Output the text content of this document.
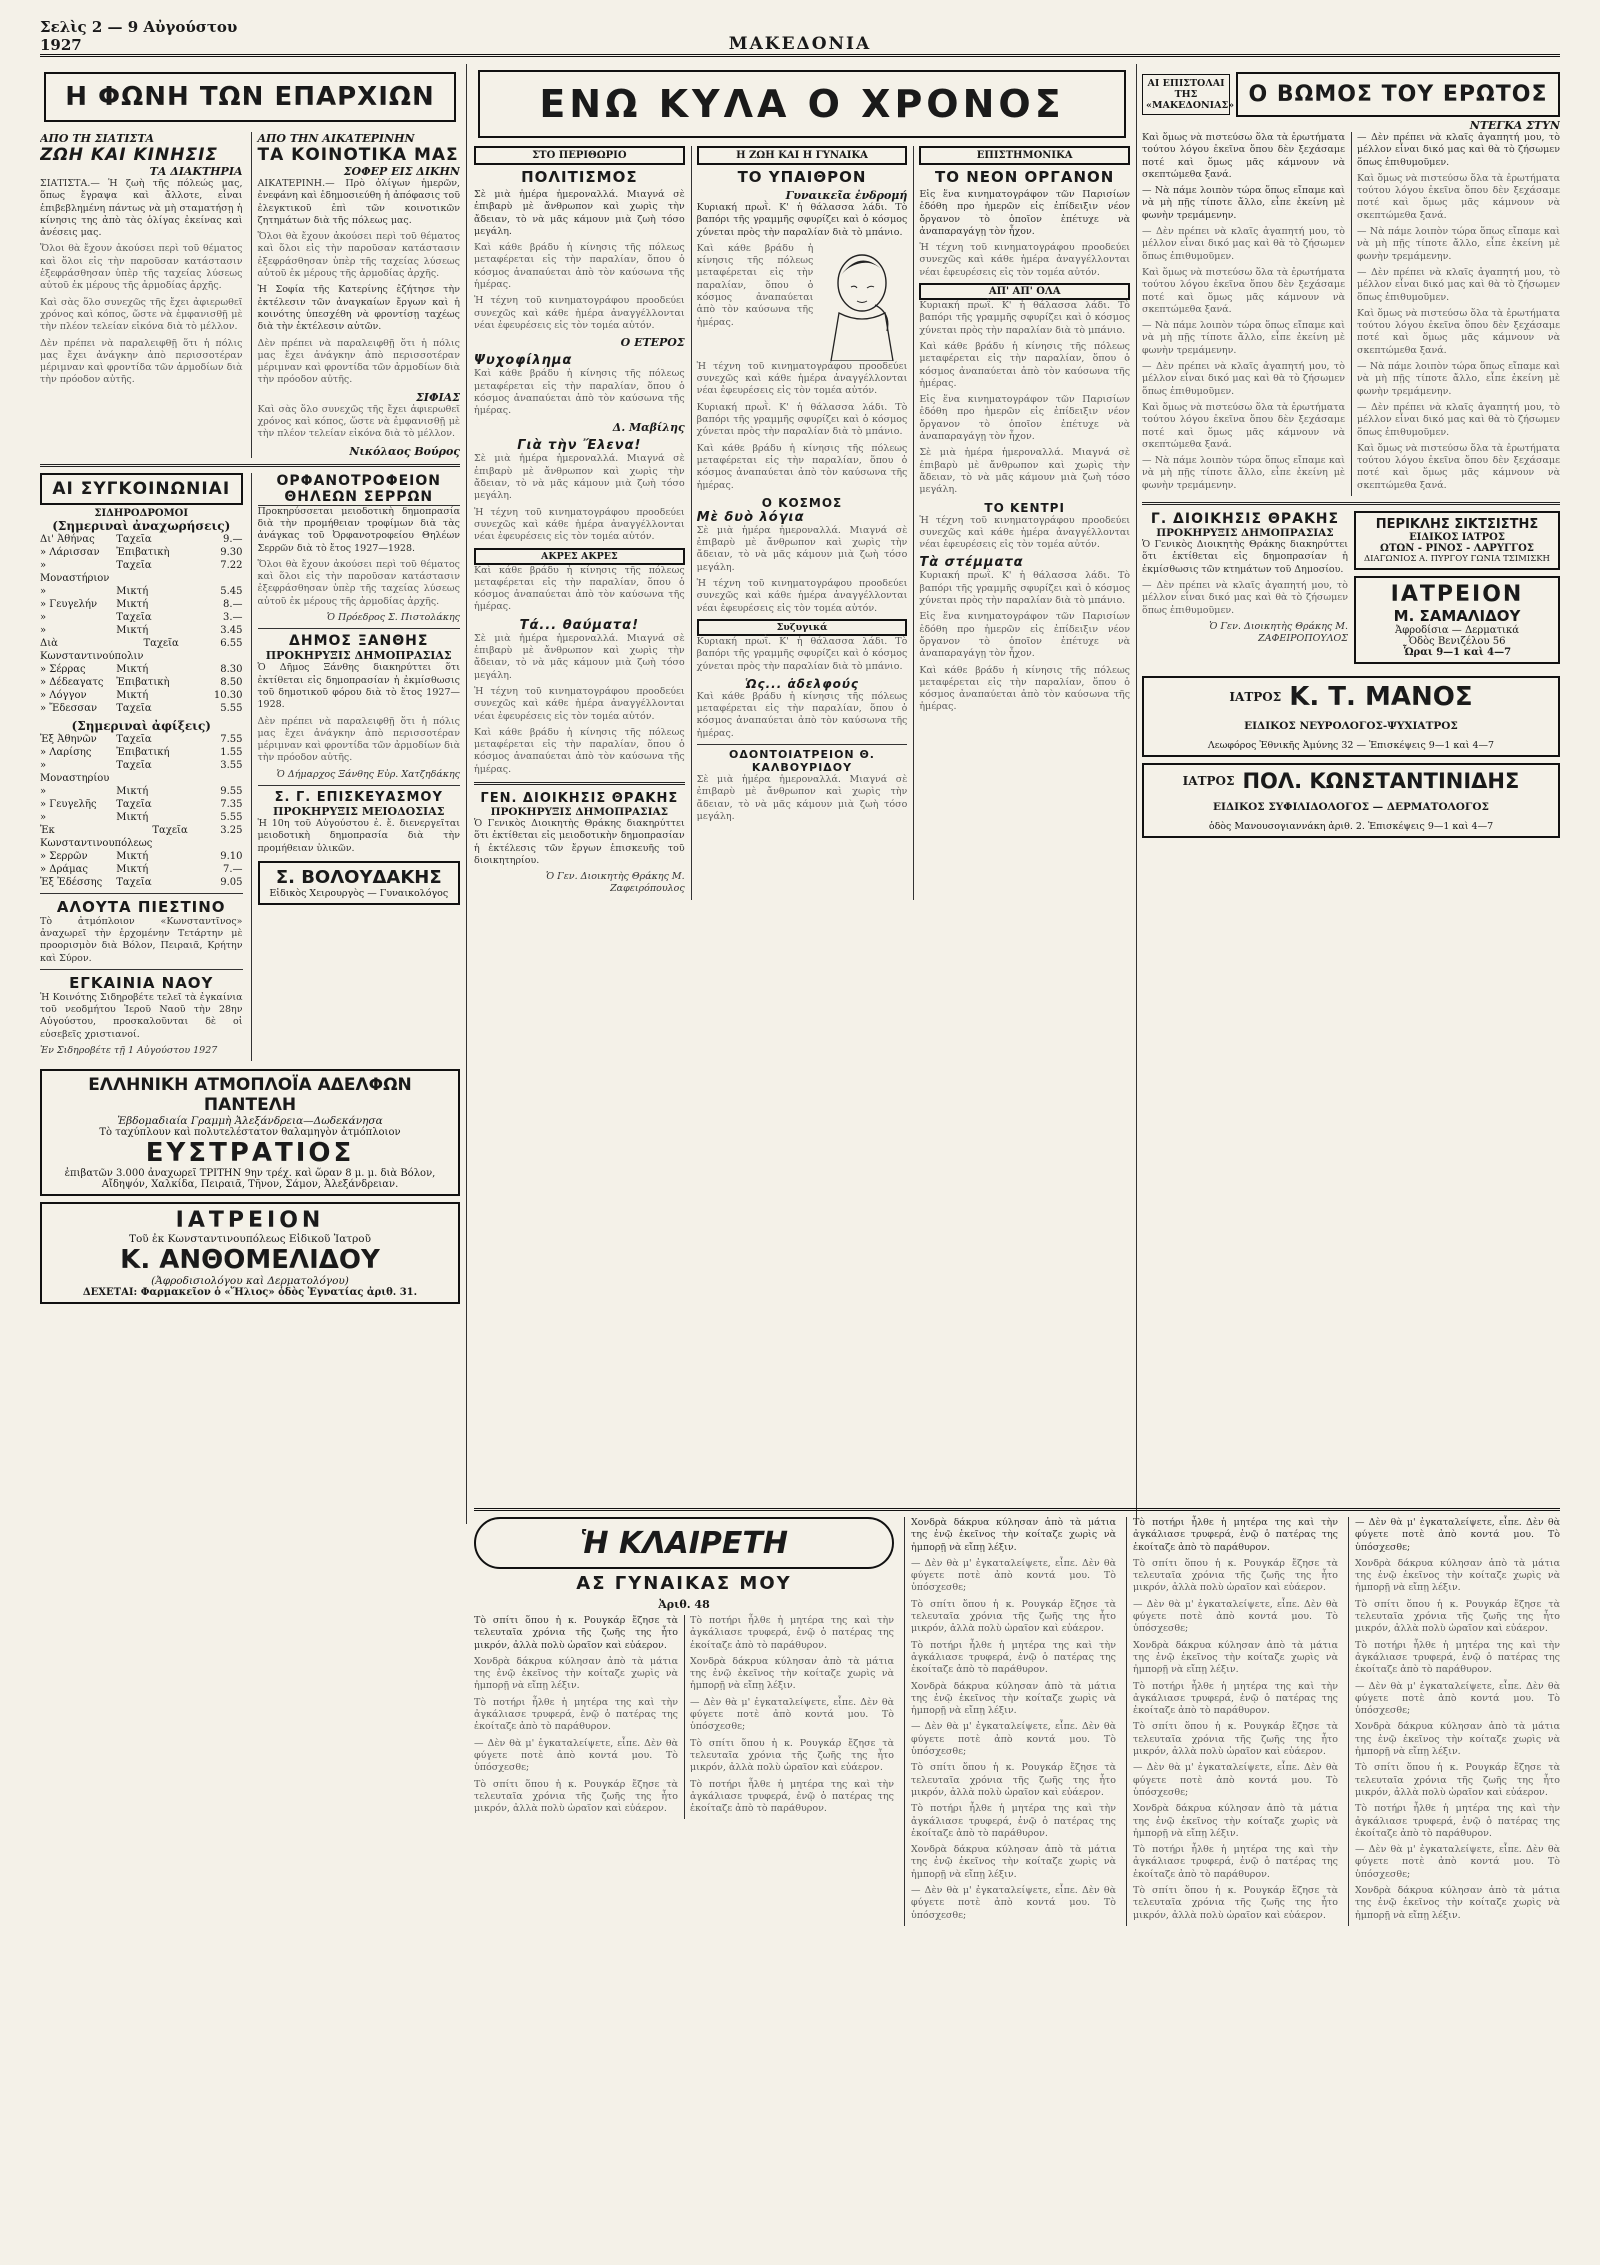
Σελὶς 2 — 9 Αὐγούστου 1927	ΜΑΚΕΔΟΝΙΑ
Η ΦΩΝΗ ΤΩΝ ΕΠΑΡΧΙΩΝ
ΑΠΟ ΤΗ ΣΙΑΤΙΣΤΑ
ΖΩΗ ΚΑΙ ΚΙΝΗΣΙΣ
ΤΑ ΔΙΑΚΤΗΡΙΑ

ΣΙΑΤΙΣΤΑ.— Ἡ ζωὴ τῆς πόλεώς μας, ὅπως ἔγραψα καὶ ἄλλοτε, εἶναι ἐπιβεβλημένη πάντως νὰ μὴ σταματήσῃ ἡ κίνησις της ἀπὸ τὰς ὁλίγας ἐκείνας καὶ ἀνέσεις μας.

Ὅλοι θὰ ἔχουν ἀκούσει περὶ τοῦ θέματος καὶ ὅλοι εἰς τὴν παροῦσαν κατάστασιν ἐξεφράσθησαν ὑπὲρ τῆς ταχείας λύσεως αὐτοῦ ἐκ μέρους τῆς ἀρμοδίας ἀρχῆς.

Καὶ σὰς ὅλο συνεχῶς τῆς ἔχει ἀφιερωθεῖ χρόνος καὶ κόπος, ὥστε νὰ ἐμφανισθῇ μὲ τὴν πλέον τελείαν εἰκόνα διὰ τὸ μέλλον.

Δὲν πρέπει νὰ παραλειφθῇ ὅτι ἡ πόλις μας ἔχει ἀνάγκην ἀπὸ περισσοτέραν μέριμναν καὶ φροντίδα τῶν ἀρμοδίων διὰ τὴν πρόοδον αὐτῆς.

ΑΠΟ ΤΗΝ ΑΙΚΑΤΕΡΙΝΗΝ
ΤΑ ΚΟΙΝΟΤΙΚΑ ΜΑΣ
ΣΟΦΕΡ ΕΙΣ ΔΙΚΗΝ

ΑΙΚΑΤΕΡΙΝΗ.— Πρὸ ὀλίγων ἡμερῶν, ἐνεφάνη καὶ ἐδημοσιεύθη ἡ ἀπόφασις τοῦ ἐλεγκτικοῦ ἐπὶ τῶν κοινοτικῶν ζητημάτων διὰ τῆς πόλεως μας.

Ὅλοι θὰ ἔχουν ἀκούσει περὶ τοῦ θέματος καὶ ὅλοι εἰς τὴν παροῦσαν κατάστασιν ἐξεφράσθησαν ὑπὲρ τῆς ταχείας λύσεως αὐτοῦ ἐκ μέρους τῆς ἀρμοδίας ἀρχῆς.

Ἡ Σοφία τῆς Κατερίνης ἐζήτησε τὴν ἐκτέλεσιν τῶν ἀναγκαίων ἔργων καὶ ἡ κοινότης ὑπεσχέθη νὰ φροντίσῃ ταχέως διὰ τὴν ἐκτέλεσιν αὐτῶν.

Δὲν πρέπει νὰ παραλειφθῇ ὅτι ἡ πόλις μας ἔχει ἀνάγκην ἀπὸ περισσοτέραν μέριμναν καὶ φροντίδα τῶν ἀρμοδίων διὰ τὴν πρόοδον αὐτῆς.

ΣΙΦΙΑΣ

Καὶ σὰς ὅλο συνεχῶς τῆς ἔχει ἀφιερωθεῖ χρόνος καὶ κόπος, ὥστε νὰ ἐμφανισθῇ μὲ τὴν πλέον τελείαν εἰκόνα διὰ τὸ μέλλον.

Νικόλαος Βούρος
ΑΙ ΣΥΓΚΟΙΝΩΝΙΑΙ
ΣΙΔΗΡΟΔΡΟΜΟΙ
(Σημεριναὶ ἀναχωρήσεις)
Δι' Ἀθήνας	Ταχεῖα	9.—
» Λάρισσαν	Ἐπιβατικὴ	9.30
» Μοναστήριον
Ταχεῖα	7.22
»	Μικτή	5.45
» Γευγελήν	Μικτή	8.—
»	Ταχεῖα	3.—
»	Μικτή	3.45
Διὰ Κωνσταντινούπολιν
Ταχεῖα	6.55
» Σέρρας	Μικτή	8.30
» Δέδεαγατς	Ἐπιβατικὴ	8.50
» Λόγγον	Μικτή	10.30
» Ἔδεσσαν	Ταχεῖα	5.55
(Σημεριναὶ ἀφίξεις)
Ἐξ Ἀθηνῶν	Ταχεῖα	7.55
» Λαρίσης	Ἐπιβατική	1.55
» Μοναστηρίου
Ταχεῖα	3.55
»	Μικτή	9.55
» Γευγελῆς	Ταχεῖα	7.35
»	Μικτή	5.55
Ἐκ Κωνσταντινουπόλεως
Ταχεῖα	3.25
» Σερρῶν	Μικτή	9.10
» Δράμας	Μικτή	7.—
Ἐξ Ἐδέσσης	Ταχεῖα	9.05
ΑΛΟΥΤΑ ΠΙΕΣΤΙΝΟ

Τὸ ἀτμόπλοιον «Κωνσταντῖνος» ἀναχωρεῖ τὴν ἐρχομένην Τετάρτην μὲ προορισμὸν διὰ Βόλον, Πειραιᾶ, Κρήτην καὶ Σύρον.

ΕΓΚΑΙΝΙΑ ΝΑΟΥ

Ἡ Κοινότης Σιδηροβέτε τελεῖ τὰ ἐγκαίνια τοῦ νεοδμήτου Ἱεροῦ Ναοῦ τὴν 28ην Αὐγούστου, προσκαλοῦνται δὲ οἱ εὐσεβεῖς χριστιανοί.

Ἐν Σιδηροβέτε τῇ 1 Αὐγούστου 1927

ΟΡΦΑΝΟΤΡΟΦΕΙΟΝ ΘΗΛΕΩΝ ΣΕΡΡΩΝ

Προκηρύσσεται μειοδοτικὴ δημοπρασία διὰ τὴν προμήθειαν τροφίμων διὰ τὰς ἀνάγκας τοῦ Ὀρφανοτροφείου Θηλέων Σερρῶν διὰ τὸ ἔτος 1927—1928.

Ὅλοι θὰ ἔχουν ἀκούσει περὶ τοῦ θέματος καὶ ὅλοι εἰς τὴν παροῦσαν κατάστασιν ἐξεφράσθησαν ὑπὲρ τῆς ταχείας λύσεως αὐτοῦ ἐκ μέρους τῆς ἀρμοδίας ἀρχῆς.

Ὁ Πρόεδρος Σ. Πιστολάκης

ΔΗΜΟΣ ΞΑΝΘΗΣ
ΠΡΟΚΗΡΥΞΙΣ ΔΗΜΟΠΡΑΣΙΑΣ

Ὁ Δῆμος Ξάνθης διακηρύττει ὅτι ἐκτίθεται εἰς δημοπρασίαν ἡ ἐκμίσθωσις τοῦ δημοτικοῦ φόρου διὰ τὸ ἔτος 1927—1928.

Δὲν πρέπει νὰ παραλειφθῇ ὅτι ἡ πόλις μας ἔχει ἀνάγκην ἀπὸ περισσοτέραν μέριμναν καὶ φροντίδα τῶν ἀρμοδίων διὰ τὴν πρόοδον αὐτῆς.

Ὁ Δήμαρχος Ξάνθης Εὐρ. Χατζηδάκης

Σ. Γ. ΕΠΙΣΚΕΥΑΣΜΟΥ
ΠΡΟΚΗΡΥΞΙΣ ΜΕΙΟΔΟΣΙΑΣ

Ἡ 10η τοῦ Αὐγούστου ἐ. ἔ. διενεργεῖται μειοδοτικὴ δημοπρασία διὰ τὴν προμήθειαν ὑλικῶν.

Σ. ΒΟΛΟΥΔΑΚΗΣ
Εἰδικὸς Χειρουργὸς — Γυναικολόγος
ΕΛΛΗΝΙΚΗ ΑΤΜΟΠΛΟΪΑ ΑΔΕΛΦΩΝ ΠΑΝΤΕΛΗ
Ἑβδομαδιαία Γραμμὴ Ἀλεξάνδρεια—Δωδεκάνησα
Τὸ ταχύπλουν καὶ πολυτελέστατον θαλαμηγὸν ἀτμόπλοιον
ΕΥΣΤΡΑΤΙΟΣ
ἐπιβατῶν 3.000 ἀναχωρεῖ ΤΡΙΤΗΝ 9ην τρέχ. καὶ ὥραν 8 μ. μ. διὰ Βόλον, Αἴδηψόν, Χαλκίδα, Πειραιᾶ, Τῆνον, Σάμον, Ἀλεξάνδρειαν.
ΙΑΤΡΕΙΟΝ
Τοῦ ἐκ Κωνσταντινουπόλεως Εἰδικοῦ Ἰατροῦ
Κ. ΑΝΘΟΜΕΛΙΔΟΥ
(Ἀφροδισιολόγου καὶ Δερματολόγου)
ΔΕΧΕΤΑΙ: Φαρμακεῖον ὁ «Ἥλιος» ὁδὸς Ἐγνατίας ἀριθ. 31.
ΕΝΩ ΚΥΛΑ Ο ΧΡΟΝΟΣ
ΣΤΟ ΠΕΡΙΘΩΡΙΟ
ΠΟΛΙΤΙΣΜΟΣ

Σὲ μιὰ ἡμέρα ἡμεροναλλά. Μιαγνά σὲ ἐπιβαρὺ μὲ ἄνθρωπον καὶ χωρὶς τὴν ἄδειαν, τὸ νὰ μᾶς κάμουν μιὰ ζωὴ τόσο μεγάλη.

Καὶ κάθε βράδυ ἡ κίνησις τῆς πόλεως μεταφέρεται εἰς τὴν παραλίαν, ὅπου ὁ κόσμος ἀναπαύεται ἀπὸ τὸν καύσωνα τῆς ἡμέρας.

Ἡ τέχνη τοῦ κινηματογράφου προοδεύει συνεχῶς καὶ κάθε ἡμέρα ἀναγγέλλονται νέαι ἐφευρέσεις εἰς τὸν τομέα αὐτόν.

Ο ΕΤΕΡΟΣ
Ψυχοφίλημα

Καὶ κάθε βράδυ ἡ κίνησις τῆς πόλεως μεταφέρεται εἰς τὴν παραλίαν, ὅπου ὁ κόσμος ἀναπαύεται ἀπὸ τὸν καύσωνα τῆς ἡμέρας.

Δ. Μαβίλης
Γιὰ τὴν Ἔλενα!

Σὲ μιὰ ἡμέρα ἡμεροναλλά. Μιαγνά σὲ ἐπιβαρὺ μὲ ἄνθρωπον καὶ χωρὶς τὴν ἄδειαν, τὸ νὰ μᾶς κάμουν μιὰ ζωὴ τόσο μεγάλη.

Ἡ τέχνη τοῦ κινηματογράφου προοδεύει συνεχῶς καὶ κάθε ἡμέρα ἀναγγέλλονται νέαι ἐφευρέσεις εἰς τὸν τομέα αὐτόν.

ΑΚΡΕΣ ΑΚΡΕΣ

Καὶ κάθε βράδυ ἡ κίνησις τῆς πόλεως μεταφέρεται εἰς τὴν παραλίαν, ὅπου ὁ κόσμος ἀναπαύεται ἀπὸ τὸν καύσωνα τῆς ἡμέρας.

Τά... θαύματα!

Σὲ μιὰ ἡμέρα ἡμεροναλλά. Μιαγνά σὲ ἐπιβαρὺ μὲ ἄνθρωπον καὶ χωρὶς τὴν ἄδειαν, τὸ νὰ μᾶς κάμουν μιὰ ζωὴ τόσο μεγάλη.

Ἡ τέχνη τοῦ κινηματογράφου προοδεύει συνεχῶς καὶ κάθε ἡμέρα ἀναγγέλλονται νέαι ἐφευρέσεις εἰς τὸν τομέα αὐτόν.

Καὶ κάθε βράδυ ἡ κίνησις τῆς πόλεως μεταφέρεται εἰς τὴν παραλίαν, ὅπου ὁ κόσμος ἀναπαύεται ἀπὸ τὸν καύσωνα τῆς ἡμέρας.

ΓΕΝ. ΔΙΟΙΚΗΣΙΣ ΘΡΑΚΗΣ
ΠΡΟΚΗΡΥΞΙΣ ΔΗΜΟΠΡΑΣΙΑΣ

Ὁ Γενικὸς Διοικητὴς Θράκης διακηρύττει ὅτι ἐκτίθεται εἰς μειοδοτικὴν δημοπρασίαν ἡ ἐκτέλεσις τῶν ἔργων ἐπισκευῆς τοῦ διοικητηρίου.

Ὁ Γεν. Διοικητὴς Θράκης Μ. Ζαφειρόπουλος

Η ΖΩΗ ΚΑΙ Η ΓΥΝΑΙΚΑ
ΤΟ ΥΠΑΙΘΡΟΝ
Γυναικεῖα ἐνδρομή

Κυριακή πρωῒ. Κ' ἡ θάλασσα λάδι. Τὸ βαπόρι τῆς γραμμῆς σφυρίζει καὶ ὁ κόσμος χύνεται πρὸς τὴν παραλίαν διὰ τὸ μπάνιο.

Καὶ κάθε βράδυ ἡ κίνησις τῆς πόλεως μεταφέρεται εἰς τὴν παραλίαν, ὅπου ὁ κόσμος ἀναπαύεται ἀπὸ τὸν καύσωνα τῆς ἡμέρας.

Ἡ τέχνη τοῦ κινηματογράφου προοδεύει συνεχῶς καὶ κάθε ἡμέρα ἀναγγέλλονται νέαι ἐφευρέσεις εἰς τὸν τομέα αὐτόν.

Κυριακή πρωῒ. Κ' ἡ θάλασσα λάδι. Τὸ βαπόρι τῆς γραμμῆς σφυρίζει καὶ ὁ κόσμος χύνεται πρὸς τὴν παραλίαν διὰ τὸ μπάνιο.

Καὶ κάθε βράδυ ἡ κίνησις τῆς πόλεως μεταφέρεται εἰς τὴν παραλίαν, ὅπου ὁ κόσμος ἀναπαύεται ἀπὸ τὸν καύσωνα τῆς ἡμέρας.

Ο ΚΟΣΜΟΣ
Μὲ δυὸ λόγια

Σὲ μιὰ ἡμέρα ἡμεροναλλά. Μιαγνά σὲ ἐπιβαρὺ μὲ ἄνθρωπον καὶ χωρὶς τὴν ἄδειαν, τὸ νὰ μᾶς κάμουν μιὰ ζωὴ τόσο μεγάλη.

Ἡ τέχνη τοῦ κινηματογράφου προοδεύει συνεχῶς καὶ κάθε ἡμέρα ἀναγγέλλονται νέαι ἐφευρέσεις εἰς τὸν τομέα αὐτόν.

Συζυγικά

Κυριακή πρωῒ. Κ' ἡ θάλασσα λάδι. Τὸ βαπόρι τῆς γραμμῆς σφυρίζει καὶ ὁ κόσμος χύνεται πρὸς τὴν παραλίαν διὰ τὸ μπάνιο.

Ὡς... ἀδελφούς

Καὶ κάθε βράδυ ἡ κίνησις τῆς πόλεως μεταφέρεται εἰς τὴν παραλίαν, ὅπου ὁ κόσμος ἀναπαύεται ἀπὸ τὸν καύσωνα τῆς ἡμέρας.

ΟΔΟΝΤΟΙΑΤΡΕΙΟΝ Θ. ΚΑΛΒΟΥΡΙΔΟΥ

Σὲ μιὰ ἡμέρα ἡμεροναλλά. Μιαγνά σὲ ἐπιβαρὺ μὲ ἄνθρωπον καὶ χωρὶς τὴν ἄδειαν, τὸ νὰ μᾶς κάμουν μιὰ ζωὴ τόσο μεγάλη.

ΕΠΙΣΤΗΜΟΝΙΚΑ
ΤΟ ΝΕΟΝ ΟΡΓΑΝΟΝ

Εἰς ἕνα κινηματογράφον τῶν Παρισίων ἐδόθη προ ἡμερῶν εἰς ἐπίδειξιν νέον ὄργανον τὸ ὁποῖον ἐπέτυχε νὰ ἀναπαραγάγῃ τὸν ἦχον.

Ἡ τέχνη τοῦ κινηματογράφου προοδεύει συνεχῶς καὶ κάθε ἡμέρα ἀναγγέλλονται νέαι ἐφευρέσεις εἰς τὸν τομέα αὐτόν.

ΑΠ' ΑΠ' ΟΛΑ

Κυριακή πρωῒ. Κ' ἡ θάλασσα λάδι. Τὸ βαπόρι τῆς γραμμῆς σφυρίζει καὶ ὁ κόσμος χύνεται πρὸς τὴν παραλίαν διὰ τὸ μπάνιο.

Καὶ κάθε βράδυ ἡ κίνησις τῆς πόλεως μεταφέρεται εἰς τὴν παραλίαν, ὅπου ὁ κόσμος ἀναπαύεται ἀπὸ τὸν καύσωνα τῆς ἡμέρας.

Εἰς ἕνα κινηματογράφον τῶν Παρισίων ἐδόθη προ ἡμερῶν εἰς ἐπίδειξιν νέον ὄργανον τὸ ὁποῖον ἐπέτυχε νὰ ἀναπαραγάγῃ τὸν ἦχον.

Σὲ μιὰ ἡμέρα ἡμεροναλλά. Μιαγνά σὲ ἐπιβαρὺ μὲ ἄνθρωπον καὶ χωρὶς τὴν ἄδειαν, τὸ νὰ μᾶς κάμουν μιὰ ζωὴ τόσο μεγάλη.

ΤΟ ΚΕΝΤΡΙ

Ἡ τέχνη τοῦ κινηματογράφου προοδεύει συνεχῶς καὶ κάθε ἡμέρα ἀναγγέλλονται νέαι ἐφευρέσεις εἰς τὸν τομέα αὐτόν.

Τὰ στέμματα

Κυριακή πρωῒ. Κ' ἡ θάλασσα λάδι. Τὸ βαπόρι τῆς γραμμῆς σφυρίζει καὶ ὁ κόσμος χύνεται πρὸς τὴν παραλίαν διὰ τὸ μπάνιο.

Εἰς ἕνα κινηματογράφον τῶν Παρισίων ἐδόθη προ ἡμερῶν εἰς ἐπίδειξιν νέον ὄργανον τὸ ὁποῖον ἐπέτυχε νὰ ἀναπαραγάγῃ τὸν ἦχον.

Καὶ κάθε βράδυ ἡ κίνησις τῆς πόλεως μεταφέρεται εἰς τὴν παραλίαν, ὅπου ὁ κόσμος ἀναπαύεται ἀπὸ τὸν καύσωνα τῆς ἡμέρας.

ΑΙ ΕΠΙΣΤΟΛΑΙ ΤΗΣ «ΜΑΚΕΔΟΝΙΑΣ» Ο ΒΩΜΟΣ ΤΟΥ ΕΡΩΤΟΣ
ΝΤΕΓΚΑ ΣΤΥΝ

Καὶ ὅμως νὰ πιστεύσω ὅλα τὰ ἐρωτήματα τούτου λόγου ἐκεῖνα ὅπου δὲν ξεχάσαμε ποτέ καὶ ὅμως μᾶς κάμνουν νὰ σκεπτώμεθα ξανά.

— Νὰ πάμε λοιπὸν τώρα ὅπως εἴπαμε καὶ νὰ μὴ πῇς τίποτε ἄλλο, εἶπε ἐκείνη μὲ φωνὴν τρεμάμενην.

— Δὲν πρέπει νὰ κλαῖς ἀγαπητή μου, τὸ μέλλον εἶναι δικό μας καὶ θὰ τὸ ζήσωμεν ὅπως ἐπιθυμοῦμεν.

Καὶ ὅμως νὰ πιστεύσω ὅλα τὰ ἐρωτήματα τούτου λόγου ἐκεῖνα ὅπου δὲν ξεχάσαμε ποτέ καὶ ὅμως μᾶς κάμνουν νὰ σκεπτώμεθα ξανά.

— Νὰ πάμε λοιπὸν τώρα ὅπως εἴπαμε καὶ νὰ μὴ πῇς τίποτε ἄλλο, εἶπε ἐκείνη μὲ φωνὴν τρεμάμενην.

— Δὲν πρέπει νὰ κλαῖς ἀγαπητή μου, τὸ μέλλον εἶναι δικό μας καὶ θὰ τὸ ζήσωμεν ὅπως ἐπιθυμοῦμεν.

Καὶ ὅμως νὰ πιστεύσω ὅλα τὰ ἐρωτήματα τούτου λόγου ἐκεῖνα ὅπου δὲν ξεχάσαμε ποτέ καὶ ὅμως μᾶς κάμνουν νὰ σκεπτώμεθα ξανά.

— Νὰ πάμε λοιπὸν τώρα ὅπως εἴπαμε καὶ νὰ μὴ πῇς τίποτε ἄλλο, εἶπε ἐκείνη μὲ φωνὴν τρεμάμενην.

— Δὲν πρέπει νὰ κλαῖς ἀγαπητή μου, τὸ μέλλον εἶναι δικό μας καὶ θὰ τὸ ζήσωμεν ὅπως ἐπιθυμοῦμεν.

Καὶ ὅμως νὰ πιστεύσω ὅλα τὰ ἐρωτήματα τούτου λόγου ἐκεῖνα ὅπου δὲν ξεχάσαμε ποτέ καὶ ὅμως μᾶς κάμνουν νὰ σκεπτώμεθα ξανά.

— Νὰ πάμε λοιπὸν τώρα ὅπως εἴπαμε καὶ νὰ μὴ πῇς τίποτε ἄλλο, εἶπε ἐκείνη μὲ φωνὴν τρεμάμενην.

— Δὲν πρέπει νὰ κλαῖς ἀγαπητή μου, τὸ μέλλον εἶναι δικό μας καὶ θὰ τὸ ζήσωμεν ὅπως ἐπιθυμοῦμεν.

Καὶ ὅμως νὰ πιστεύσω ὅλα τὰ ἐρωτήματα τούτου λόγου ἐκεῖνα ὅπου δὲν ξεχάσαμε ποτέ καὶ ὅμως μᾶς κάμνουν νὰ σκεπτώμεθα ξανά.

— Νὰ πάμε λοιπὸν τώρα ὅπως εἴπαμε καὶ νὰ μὴ πῇς τίποτε ἄλλο, εἶπε ἐκείνη μὲ φωνὴν τρεμάμενην.

— Δὲν πρέπει νὰ κλαῖς ἀγαπητή μου, τὸ μέλλον εἶναι δικό μας καὶ θὰ τὸ ζήσωμεν ὅπως ἐπιθυμοῦμεν.

Καὶ ὅμως νὰ πιστεύσω ὅλα τὰ ἐρωτήματα τούτου λόγου ἐκεῖνα ὅπου δὲν ξεχάσαμε ποτέ καὶ ὅμως μᾶς κάμνουν νὰ σκεπτώμεθα ξανά.

Γ. ΔΙΟΙΚΗΣΙΣ ΘΡΑΚΗΣ
ΠΡΟΚΗΡΥΞΙΣ ΔΗΜΟΠΡΑΣΙΑΣ

Ὁ Γενικὸς Διοικητὴς Θράκης διακηρύττει ὅτι ἐκτίθεται εἰς δημοπρασίαν ἡ ἐκμίσθωσις τῶν κτημάτων τοῦ Δημοσίου.

— Δὲν πρέπει νὰ κλαῖς ἀγαπητή μου, τὸ μέλλον εἶναι δικό μας καὶ θὰ τὸ ζήσωμεν ὅπως ἐπιθυμοῦμεν.

Ὁ Γεν. Διοικητὴς Θράκης Μ. ΖΑΦΕΙΡΟΠΟΥΛΟΣ

ΠΕΡΙΚΛΗΣ ΣΙΚΤΣΙΣΤΗΣ
ΕΙΔΙΚΟΣ ΙΑΤΡΟΣ
ΩΤΩΝ - ΡΙΝΟΣ - ΛΑΡΥΓΓΟΣ
ΔΙΑΓΩΝΙΟΣ Α. ΠΥΡΓΟΥ ΓΩΝΙΑ ΤΣΙΜΙΣΚΗ
ΙΑΤΡΕΙΟΝ
Μ. ΣΑΜΑΛΙΔΟΥ
Ἀφροδίσια — Δερματικά
Ὁδὸς Βενιζέλου 56
Ὧραι 9—1 καὶ 4—7
ΙΑΤΡΟΣ Κ. Τ. ΜΑΝΟΣ
ΕΙΔΙΚΟΣ ΝΕΥΡΟΛΟΓΟΣ-ΨΥΧΙΑΤΡΟΣ
Λεωφόρος Ἐθνικῆς Ἀμύνης 32 — Ἐπισκέψεις 9—1 καὶ 4—7
ΙΑΤΡΟΣ ΠΟΛ. ΚΩΝΣΤΑΝΤΙΝΙΔΗΣ
ΕΙΔΙΚΟΣ ΣΥΦΙΛΙΔΟΛΟΓΟΣ — ΔΕΡΜΑΤΟΛΟΓΟΣ
ὁδὸς Μανουσογιαννάκη ἀριθ. 2. Ἐπισκέψεις 9—1 καὶ 4—7
Ἡ ΚΛΑΙΡΕΤΗ
ΑΣ ΓΥΝΑΙΚΑΣ ΜΟΥ
Ἀριθ. 48

Τὸ σπίτι ὅπου ἡ κ. Ρουγκάρ ἔζησε τὰ τελευταῖα χρόνια τῆς ζωῆς της ἦτο μικρόν, ἀλλὰ πολὺ ὡραῖον καὶ εὐάερον.

Χονδρὰ δάκρυα κύλησαν ἀπὸ τὰ μάτια της ἐνῷ ἐκεῖνος τὴν κοίταζε χωρὶς νὰ ἠμπορῇ νὰ εἴπῃ λέξιν.

Τὸ ποτήρι ἦλθε ἡ μητέρα της καὶ τὴν ἀγκάλιασε τρυφερά, ἐνῷ ὁ πατέρας της ἐκοίταζε ἀπὸ τὸ παράθυρον.

— Δὲν θὰ μ' ἐγκαταλείψετε, εἶπε. Δὲν θὰ φύγετε ποτὲ ἀπὸ κοντά μου. Τὸ ὑπόσχεσθε;

Τὸ σπίτι ὅπου ἡ κ. Ρουγκάρ ἔζησε τὰ τελευταῖα χρόνια τῆς ζωῆς της ἦτο μικρόν, ἀλλὰ πολὺ ὡραῖον καὶ εὐάερον.

Τὸ ποτήρι ἦλθε ἡ μητέρα της καὶ τὴν ἀγκάλιασε τρυφερά, ἐνῷ ὁ πατέρας της ἐκοίταζε ἀπὸ τὸ παράθυρον.

Χονδρὰ δάκρυα κύλησαν ἀπὸ τὰ μάτια της ἐνῷ ἐκεῖνος τὴν κοίταζε χωρὶς νὰ ἠμπορῇ νὰ εἴπῃ λέξιν.

— Δὲν θὰ μ' ἐγκαταλείψετε, εἶπε. Δὲν θὰ φύγετε ποτὲ ἀπὸ κοντά μου. Τὸ ὑπόσχεσθε;

Τὸ σπίτι ὅπου ἡ κ. Ρουγκάρ ἔζησε τὰ τελευταῖα χρόνια τῆς ζωῆς της ἦτο μικρόν, ἀλλὰ πολὺ ὡραῖον καὶ εὐάερον.

Τὸ ποτήρι ἦλθε ἡ μητέρα της καὶ τὴν ἀγκάλιασε τρυφερά, ἐνῷ ὁ πατέρας της ἐκοίταζε ἀπὸ τὸ παράθυρον.

Χονδρὰ δάκρυα κύλησαν ἀπὸ τὰ μάτια της ἐνῷ ἐκεῖνος τὴν κοίταζε χωρὶς νὰ ἠμπορῇ νὰ εἴπῃ λέξιν.

— Δὲν θὰ μ' ἐγκαταλείψετε, εἶπε. Δὲν θὰ φύγετε ποτὲ ἀπὸ κοντά μου. Τὸ ὑπόσχεσθε;

Τὸ σπίτι ὅπου ἡ κ. Ρουγκάρ ἔζησε τὰ τελευταῖα χρόνια τῆς ζωῆς της ἦτο μικρόν, ἀλλὰ πολὺ ὡραῖον καὶ εὐάερον.

Τὸ ποτήρι ἦλθε ἡ μητέρα της καὶ τὴν ἀγκάλιασε τρυφερά, ἐνῷ ὁ πατέρας της ἐκοίταζε ἀπὸ τὸ παράθυρον.

Χονδρὰ δάκρυα κύλησαν ἀπὸ τὰ μάτια της ἐνῷ ἐκεῖνος τὴν κοίταζε χωρὶς νὰ ἠμπορῇ νὰ εἴπῃ λέξιν.

— Δὲν θὰ μ' ἐγκαταλείψετε, εἶπε. Δὲν θὰ φύγετε ποτὲ ἀπὸ κοντά μου. Τὸ ὑπόσχεσθε;

Τὸ σπίτι ὅπου ἡ κ. Ρουγκάρ ἔζησε τὰ τελευταῖα χρόνια τῆς ζωῆς της ἦτο μικρόν, ἀλλὰ πολὺ ὡραῖον καὶ εὐάερον.

Τὸ ποτήρι ἦλθε ἡ μητέρα της καὶ τὴν ἀγκάλιασε τρυφερά, ἐνῷ ὁ πατέρας της ἐκοίταζε ἀπὸ τὸ παράθυρον.

Χονδρὰ δάκρυα κύλησαν ἀπὸ τὰ μάτια της ἐνῷ ἐκεῖνος τὴν κοίταζε χωρὶς νὰ ἠμπορῇ νὰ εἴπῃ λέξιν.

— Δὲν θὰ μ' ἐγκαταλείψετε, εἶπε. Δὲν θὰ φύγετε ποτὲ ἀπὸ κοντά μου. Τὸ ὑπόσχεσθε;

Τὸ ποτήρι ἦλθε ἡ μητέρα της καὶ τὴν ἀγκάλιασε τρυφερά, ἐνῷ ὁ πατέρας της ἐκοίταζε ἀπὸ τὸ παράθυρον.

Τὸ σπίτι ὅπου ἡ κ. Ρουγκάρ ἔζησε τὰ τελευταῖα χρόνια τῆς ζωῆς της ἦτο μικρόν, ἀλλὰ πολὺ ὡραῖον καὶ εὐάερον.

— Δὲν θὰ μ' ἐγκαταλείψετε, εἶπε. Δὲν θὰ φύγετε ποτὲ ἀπὸ κοντά μου. Τὸ ὑπόσχεσθε;

Χονδρὰ δάκρυα κύλησαν ἀπὸ τὰ μάτια της ἐνῷ ἐκεῖνος τὴν κοίταζε χωρὶς νὰ ἠμπορῇ νὰ εἴπῃ λέξιν.

Τὸ ποτήρι ἦλθε ἡ μητέρα της καὶ τὴν ἀγκάλιασε τρυφερά, ἐνῷ ὁ πατέρας της ἐκοίταζε ἀπὸ τὸ παράθυρον.

Τὸ σπίτι ὅπου ἡ κ. Ρουγκάρ ἔζησε τὰ τελευταῖα χρόνια τῆς ζωῆς της ἦτο μικρόν, ἀλλὰ πολὺ ὡραῖον καὶ εὐάερον.

— Δὲν θὰ μ' ἐγκαταλείψετε, εἶπε. Δὲν θὰ φύγετε ποτὲ ἀπὸ κοντά μου. Τὸ ὑπόσχεσθε;

Χονδρὰ δάκρυα κύλησαν ἀπὸ τὰ μάτια της ἐνῷ ἐκεῖνος τὴν κοίταζε χωρὶς νὰ ἠμπορῇ νὰ εἴπῃ λέξιν.

Τὸ ποτήρι ἦλθε ἡ μητέρα της καὶ τὴν ἀγκάλιασε τρυφερά, ἐνῷ ὁ πατέρας της ἐκοίταζε ἀπὸ τὸ παράθυρον.

Τὸ σπίτι ὅπου ἡ κ. Ρουγκάρ ἔζησε τὰ τελευταῖα χρόνια τῆς ζωῆς της ἦτο μικρόν, ἀλλὰ πολὺ ὡραῖον καὶ εὐάερον.

— Δὲν θὰ μ' ἐγκαταλείψετε, εἶπε. Δὲν θὰ φύγετε ποτὲ ἀπὸ κοντά μου. Τὸ ὑπόσχεσθε;

Χονδρὰ δάκρυα κύλησαν ἀπὸ τὰ μάτια της ἐνῷ ἐκεῖνος τὴν κοίταζε χωρὶς νὰ ἠμπορῇ νὰ εἴπῃ λέξιν.

Τὸ σπίτι ὅπου ἡ κ. Ρουγκάρ ἔζησε τὰ τελευταῖα χρόνια τῆς ζωῆς της ἦτο μικρόν, ἀλλὰ πολὺ ὡραῖον καὶ εὐάερον.

Τὸ ποτήρι ἦλθε ἡ μητέρα της καὶ τὴν ἀγκάλιασε τρυφερά, ἐνῷ ὁ πατέρας της ἐκοίταζε ἀπὸ τὸ παράθυρον.

— Δὲν θὰ μ' ἐγκαταλείψετε, εἶπε. Δὲν θὰ φύγετε ποτὲ ἀπὸ κοντά μου. Τὸ ὑπόσχεσθε;

Χονδρὰ δάκρυα κύλησαν ἀπὸ τὰ μάτια της ἐνῷ ἐκεῖνος τὴν κοίταζε χωρὶς νὰ ἠμπορῇ νὰ εἴπῃ λέξιν.

Τὸ σπίτι ὅπου ἡ κ. Ρουγκάρ ἔζησε τὰ τελευταῖα χρόνια τῆς ζωῆς της ἦτο μικρόν, ἀλλὰ πολὺ ὡραῖον καὶ εὐάερον.

Τὸ ποτήρι ἦλθε ἡ μητέρα της καὶ τὴν ἀγκάλιασε τρυφερά, ἐνῷ ὁ πατέρας της ἐκοίταζε ἀπὸ τὸ παράθυρον.

— Δὲν θὰ μ' ἐγκαταλείψετε, εἶπε. Δὲν θὰ φύγετε ποτὲ ἀπὸ κοντά μου. Τὸ ὑπόσχεσθε;

Χονδρὰ δάκρυα κύλησαν ἀπὸ τὰ μάτια της ἐνῷ ἐκεῖνος τὴν κοίταζε χωρὶς νὰ ἠμπορῇ νὰ εἴπῃ λέξιν.
